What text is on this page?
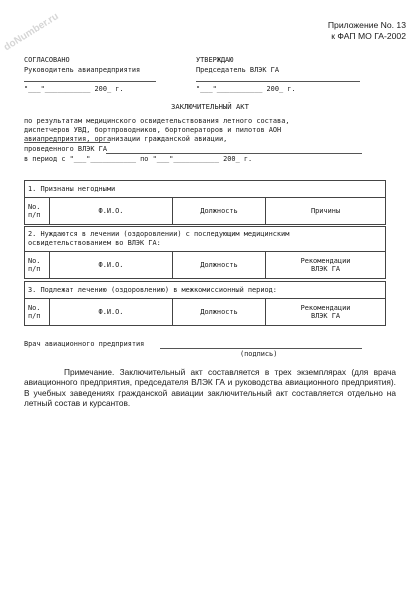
doNumber.ru	Приложение No. 13
к ФАП МО ГА-2002
СОГЛАСОВАНО
Руководитель авиапредприятия
"___"___________ 200_ г.
УТВЕРЖДАЮ
Председатель ВЛЭК ГА
"___"___________ 200_ г.
ЗАКЛЮЧИТЕЛЬНЫЙ АКТ
по результатам медицинского освидетельствования летного состава,
диспетчеров УВД, бортпроводников, бортоператоров и пилотов АОН
авиапредприятия, организации гражданской авиации,
проведенного ВЛЭК ГА
в период с "___"___________ по "___"___________ 200_ г.
1. Признаны негодными
No.
п/п	Ф.И.О.	Должность	Причины
2. Нуждаются в лечении (оздоровлении) с последующим медицинским
освидетельствованием во ВЛЭК ГА:
No.
п/п	Ф.И.О.	Должность	Рекомендации
ВЛЭК ГА
3. Подлежат лечению (оздоровлению) в межкомиссионный период:
No.
п/п	Ф.И.О.	Должность	Рекомендации
ВЛЭК ГА
Врач авиационного предприятия
(подпись)
Примечание. Заключительный акт составляется в трех экземплярах (для врача авиационного предприятия, председателя ВЛЭК ГА и руководства авиационного предприятия). В учебных заведениях гражданской авиации заключительный акт составляется отдельно на летный состав и курсантов.
